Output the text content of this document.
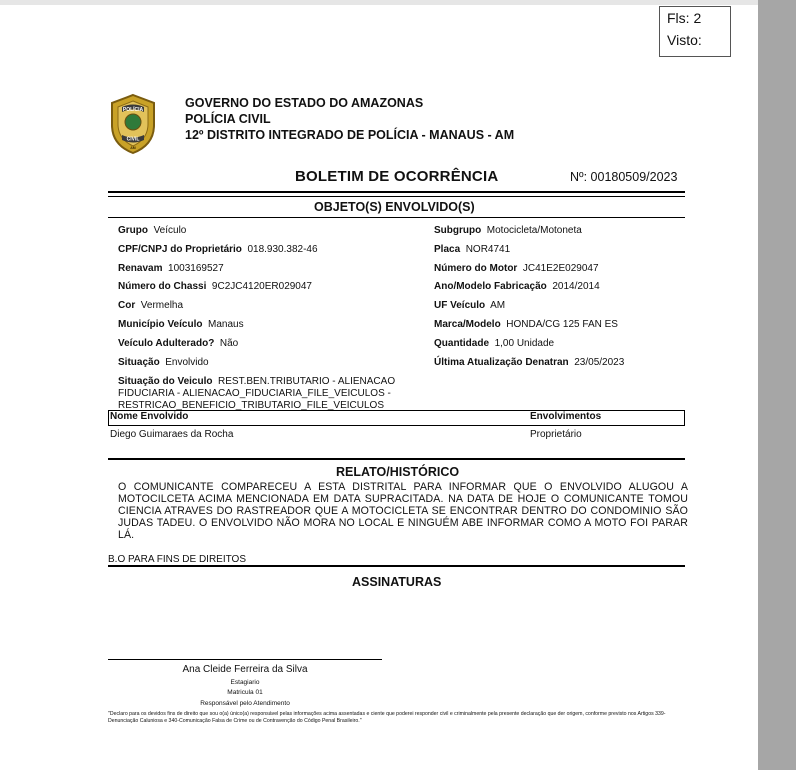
Fls: 2
Visto:
POLÍCIA
CIVIL
AM
GOVERNO DO ESTADO DO AMAZONAS
POLÍCIA CIVIL
12º DISTRITO INTEGRADO DE POLÍCIA - MANAUS - AM
BOLETIM DE OCORRÊNCIA	Nº: 00180509/2023
OBJETO(S) ENVOLVIDO(S)
Grupo Veículo
CPF/CNPJ do Proprietário 018.930.382-46
Renavam 1003169527
Número do Chassi 9C2JC4120ER029047
Cor Vermelha
Município Veículo Manaus
Veículo Adulterado? Não
Situação Envolvido
Subgrupo Motocicleta/Motoneta
Placa NOR4741
Número do Motor JC41E2E029047
Ano/Modelo Fabricação 2014/2014
UF Veículo AM
Marca/Modelo HONDA/CG 125 FAN ES
Quantidade 1,00 Unidade
Última Atualização Denatran 23/05/2023
Situação do Veiculo REST.BEN.TRIBUTARIO - ALIENACAO
FIDUCIARIA - ALIENACAO_FIDUCIARIA_FILE_VEICULOS -
RESTRICAO_BENEFICIO_TRIBUTARIO_FILE_VEICULOS
Nome Envolvido	Envolvimentos
Diego Guimaraes da Rocha	Proprietário
RELATO/HISTÓRICO
O COMUNICANTE COMPARECEU A ESTA DISTRITAL PARA INFORMAR QUE O ENVOLVIDO ALUGOU A MOTOCILCETA ACIMA MENCIONADA EM DATA SUPRACITADA. NA DATA DE HOJE O COMUNICANTE TOMOU CIENCIA ATRAVES DO RASTREADOR QUE A MOTOCICLETA SE ENCONTRAR DENTRO DO CONDOMINIO SÃO JUDAS TADEU. O ENVOLVIDO NÃO MORA NO LOCAL E NINGUÉM ABE INFORMAR COMO A MOTO FOI PARAR LÁ.
B.O PARA FINS DE DIREITOS
ASSINATURAS
Ana Cleide Ferreira da Silva
Estagiario
Matricula 01
Responsável pelo Atendimento
"Declaro para os devidos fins de direito que sou o(a) único(a) responsável pelas informações acima assentadas e ciente que poderei responder civil e criminalmente pela presente declaração que der origem, conforme previsto nos Artigos 339-Denunciação Caluniosa e 340-Comunicação Falsa de Crime ou de Contravenção do Código Penal Brasileiro."
